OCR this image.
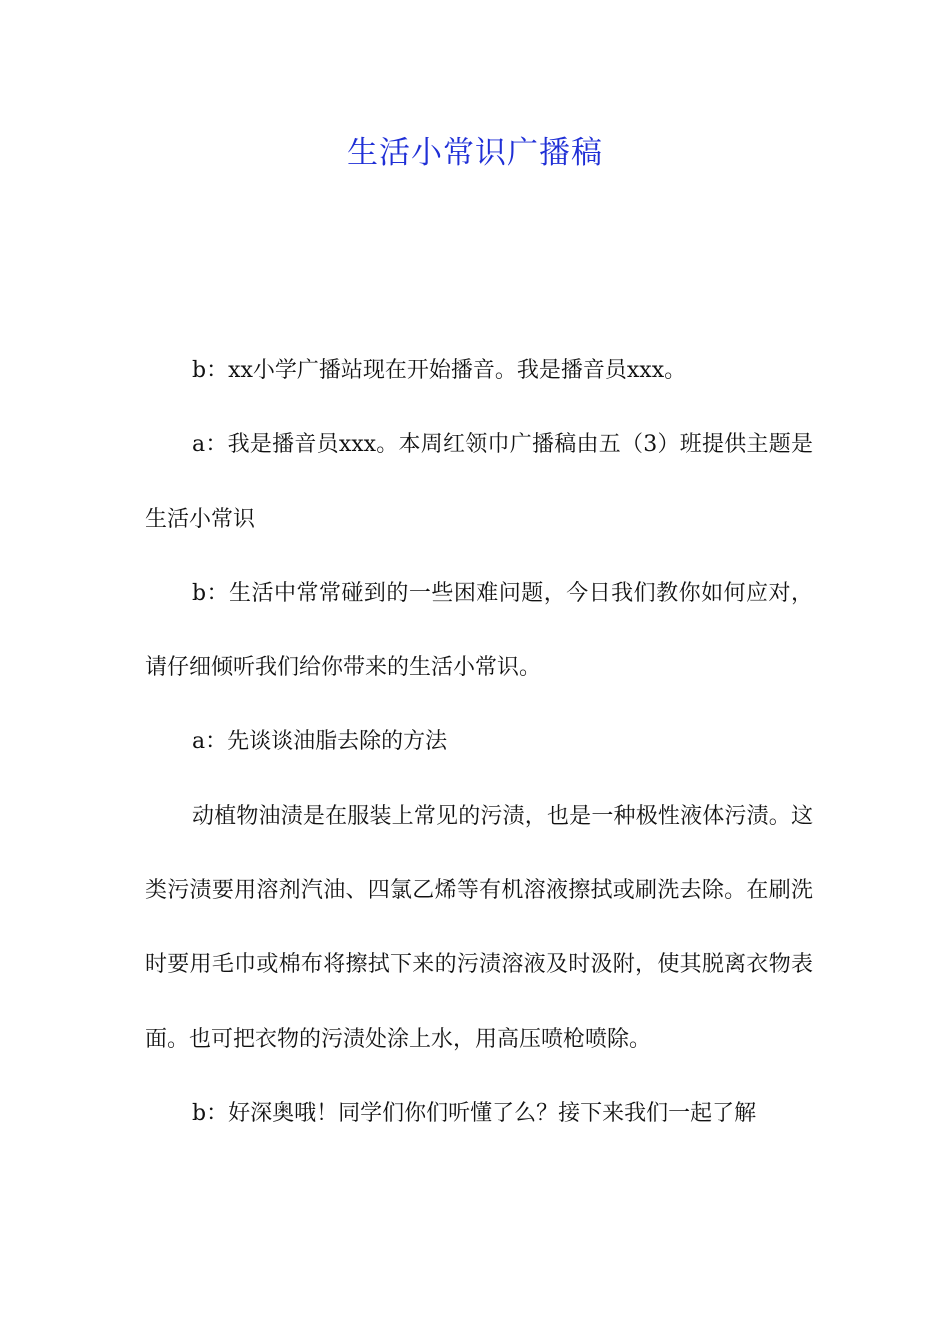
生活小常识广播稿

b：xx小学广播站现在开始播音。我是播音员xxx。

a：我是播音员xxx。本周红领巾广播稿由五（3）班提供主题是生活小常识

b：生活中常常碰到的一些困难问题，今日我们教你如何应对，请仔细倾听我们给你带来的生活小常识。

a：先谈谈油脂去除的方法

动植物油渍是在服装上常见的污渍，也是一种极性液体污渍。这类污渍要用溶剂汽油、四氯乙烯等有机溶液擦拭或刷洗去除。在刷洗时要用毛巾或棉布将擦拭下来的污渍溶液及时汲附，使其脱离衣物表面。也可把衣物的污渍处涂上水，用高压喷枪喷除。

b：好深奥哦！同学们你们听懂了么？接下来我们一起了解
